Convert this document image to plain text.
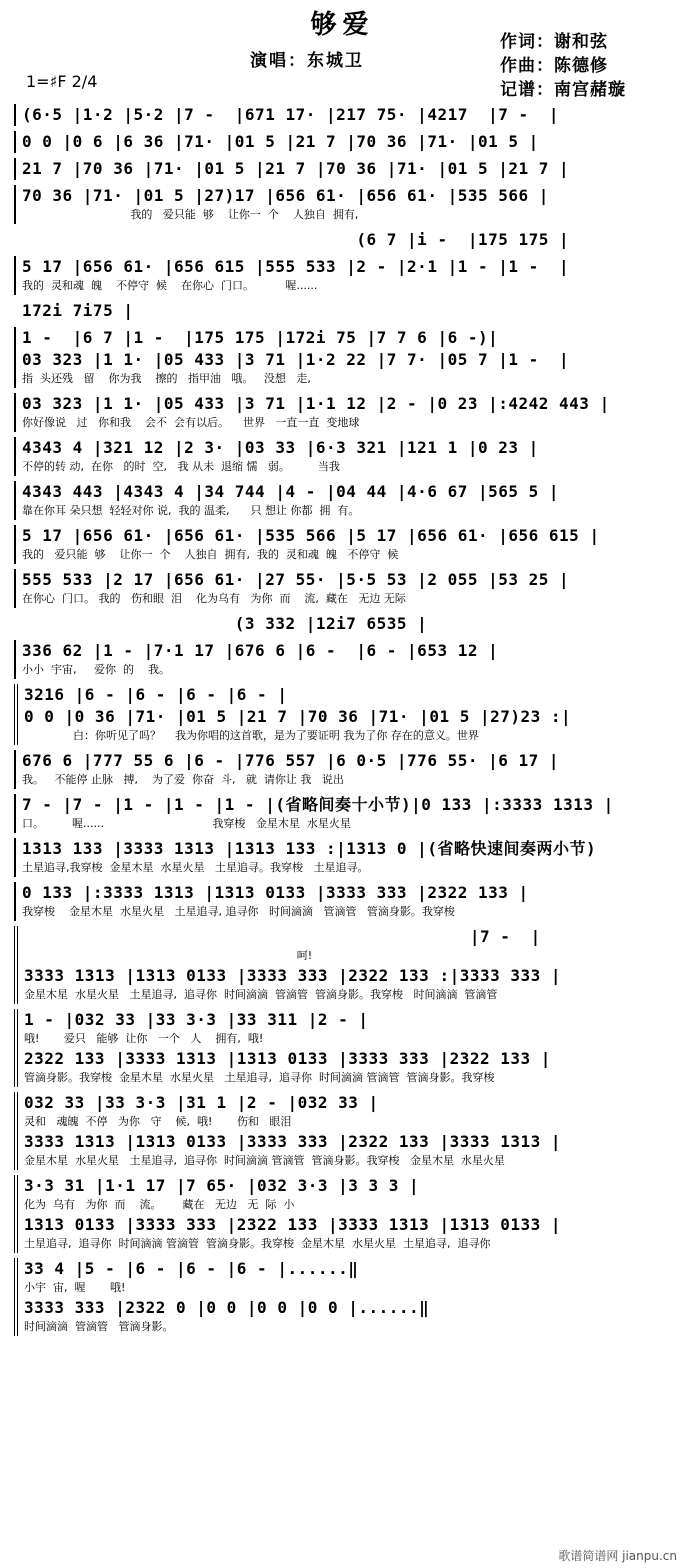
够爱
演唱：东城卫
作词：谢和弦
作曲：陈德修
记谱：南宫赭璇
1=♯F 2/4
(6·5 |1·2 |5·2 |7 -  |671 17· |217 75· |4217  |7 -  |
0 0 |0 6 |6 36 |71· |01 5 |21 7 |70 36 |71· |01 5 |
21 7 |70 36 |71· |01 5 |21 7 |70 36 |71· |01 5 |21 7 |
70 36 |71· |01 5 |27)17 |656 61· |656 61· |535 566 |
我的   爱只能  够    让你一  个    人独自  拥有,
(6 7 |i -  |175 175 |
5 17 |656 61· |656 615 |555 533 |2 - |2·1 |1 - |1 -  |
我的  灵和魂  魄    不停守  候    在你心  门口。         喔......
172i 7i75 |
1 -  |6 7 |1 -  |175 175 |172i 75 |7 7 6 |6 -)|
03 323 |1 1· |05 433 |3 71 |1·2 22 |7 7· |05 7 |1 -  |
指  头还残   留    你为我    擦的   指甲油   哦。   没想   走,
03 323 |1 1· |05 433 |3 71 |1·1 12 |2 - |0 23 |:4242 443 |
你好像说   过   你和我    会不  会有以后。    世界   一直一直  变地球
4343 4 |321 12 |2 3· |03 33 |6·3 321 |121 1 |0 23 |
不停的转 动,  在你   的时  空,   我 从未  退缩 懦   弱。        当我
4343 443 |4343 4 |34 744 |4 - |04 44 |4·6 67 |565 5 |
靠在你耳 朵只想  轻轻对你 说,  我的 温柔,      只 想让 你都  拥  有。
5 17 |656 61· |656 61· |535 566 |5 17 |656 61· |656 615 |
我的   爱只能  够    让你一  个    人独自  拥有,  我的  灵和魂  魄   不停守  候
555 533 |2 17 |656 61· |27 55· |5·5 53 |2 055 |53 25 |
在你心  门口。 我的   伤和眼  泪    化为乌有   为你  而    流,  藏在   无边 无际
(3 332 |12i7 6535 |
336 62 |1 - |7·1 17 |676 6 |6 -  |6 - |653 12 |
小小  宇宙,     爱你  的    我。
3216 |6 - |6 - |6 - |6 - |
0 0 |0 36 |71· |01 5 |21 7 |70 36 |71· |01 5 |27)23 :|
白：你听见了吗？    我为你唱的这首歌，是为了要证明 我为了你 存在的意义。世界
676 6 |777 55 6 |6 - |776 557 |6 0·5 |776 55· |6 17 |
我。   不能停 止脉   搏,    为了爱  你奋  斗,   就  请你让 我   说出
7 - |7 - |1 - |1 - |1 - |(省略间奏十小节)|0 133 |:3333 1313 |
口。        喔......                               我穿梭   金星木星  水星火星
1313 133 |3333 1313 |1313 133 :|1313 0 |(省略快速间奏两小节)
土星追寻,我穿梭  金星木星  水星火星   土星追寻。我穿梭   土星追寻。
0 133 |:3333 1313 |1313 0133 |3333 333 |2322 133 |
我穿梭    金星木星  水星火星   土星追寻, 追寻你   时间滴滴   管滴管   管滴身影。我穿梭
|7 -  |
呵!
3333 1313 |1313 0133 |3333 333 |2322 133 :|3333 333 |
金星木星  水星火星   土星追寻,  追寻你  时间滴滴  管滴管  管滴身影。我穿梭   时间滴滴  管滴管
1 - |032 33 |33 3·3 |33 311 |2 - |
哦!       爱只   能够  让你   一个   人    拥有,  哦!
2322 133 |3333 1313 |1313 0133 |3333 333 |2322 133 |
管滴身影。我穿梭  金星木星  水星火星   土星追寻,  追寻你  时间滴滴 管滴管  管滴身影。我穿梭
032 33 |33 3·3 |31 1 |2 - |032 33 |
灵和   魂魄  不停   为你   守    候,  哦!       伤和   眼泪
3333 1313 |1313 0133 |3333 333 |2322 133 |3333 1313 |
金星木星  水星火星   土星追寻,  追寻你  时间滴滴 管滴管  管滴身影。我穿梭   金星木星  水星火星
3·3 31 |1·1 17 |7 65· |032 3·3 |3 3 3 |
化为  乌有   为你  而    流。      藏在   无边   无  际  小
1313 0133 |3333 333 |2322 133 |3333 1313 |1313 0133 |
土星追寻,  追寻你  时间滴滴 管滴管  管滴身影。我穿梭  金星木星  水星火星  土星追寻,  追寻你
33 4 |5 - |6 - |6 - |6 - |......‖
小宇  宙,  喔       哦!
3333 333 |2322 0 |0 0 |0 0 |0 0 |......‖
时间滴滴  管滴管   管滴身影。
歌谱简谱网 jianpu.cn
